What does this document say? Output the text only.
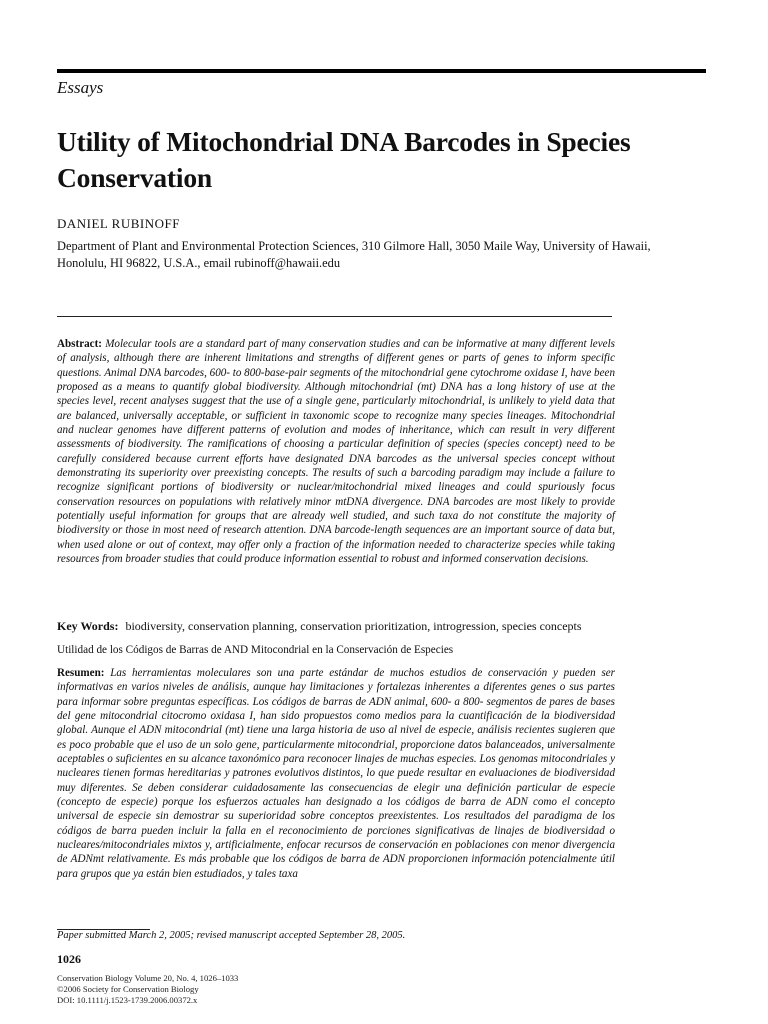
Essays
Utility of Mitochondrial DNA Barcodes in Species Conservation
DANIEL RUBINOFF
Department of Plant and Environmental Protection Sciences, 310 Gilmore Hall, 3050 Maile Way, University of Hawaii, Honolulu, HI 96822, U.S.A., email rubinoff@hawaii.edu
Abstract: Molecular tools are a standard part of many conservation studies and can be informative at many different levels of analysis, although there are inherent limitations and strengths of different genes or parts of genes to inform specific questions. Animal DNA barcodes, 600- to 800-base-pair segments of the mitochondrial gene cytochrome oxidase I, have been proposed as a means to quantify global biodiversity. Although mitochondrial (mt) DNA has a long history of use at the species level, recent analyses suggest that the use of a single gene, particularly mitochondrial, is unlikely to yield data that are balanced, universally acceptable, or sufficient in taxonomic scope to recognize many species lineages. Mitochondrial and nuclear genomes have different patterns of evolution and modes of inheritance, which can result in very different assessments of biodiversity. The ramifications of choosing a particular definition of species (species concept) need to be carefully considered because current efforts have designated DNA barcodes as the universal species concept without demonstrating its superiority over preexisting concepts. The results of such a barcoding paradigm may include a failure to recognize significant portions of biodiversity or nuclear/mitochondrial mixed lineages and could spuriously focus conservation resources on populations with relatively minor mtDNA divergence. DNA barcodes are most likely to provide potentially useful information for groups that are already well studied, and such taxa do not constitute the majority of biodiversity or those in most need of research attention. DNA barcode-length sequences are an important source of data but, when used alone or out of context, may offer only a fraction of the information needed to characterize species while taking resources from broader studies that could produce information essential to robust and informed conservation decisions.
Key Words: biodiversity, conservation planning, conservation prioritization, introgression, species concepts
Utilidad de los Códigos de Barras de AND Mitocondrial en la Conservación de Especies
Resumen: Las herramientas moleculares son una parte estándar de muchos estudios de conservación y pueden ser informativas en varios niveles de análisis, aunque hay limitaciones y fortalezas inherentes a diferentes genes o sus partes para informar sobre preguntas específicas. Los códigos de barras de ADN animal, 600- a 800- segmentos de pares de bases del gene mitocondrial citocromo oxidasa I, han sido propuestos como medios para la cuantificación de la biodiversidad global. Aunque el ADN mitocondrial (mt) tiene una larga historia de uso al nivel de especie, análisis recientes sugieren que es poco probable que el uso de un solo gene, particularmente mitocondrial, proporcione datos balanceados, universalmente aceptables o suficientes en su alcance taxonómico para reconocer linajes de muchas especies. Los genomas mitocondriales y nucleares tienen formas hereditarias y patrones evolutivos distintos, lo que puede resultar en evaluaciones de biodiversidad muy diferentes. Se deben considerar cuidadosamente las consecuencias de elegir una definición particular de especie (concepto de especie) porque los esfuerzos actuales han designado a los códigos de barra de ADN como el concepto universal de especie sin demostrar su superioridad sobre conceptos preexistentes. Los resultados del paradigma de los códigos de barra pueden incluir la falla en el reconocimiento de porciones significativas de linajes de biodiversidad o nucleares/mitocondriales mixtos y, artificialmente, enfocar recursos de conservación en poblaciones con menor divergencia de ADNmt relativamente. Es más probable que los códigos de barra de ADN proporcionen información potencialmente útil para grupos que ya están bien estudiados, y tales taxa
Paper submitted March 2, 2005; revised manuscript accepted September 28, 2005.
1026
Conservation Biology Volume 20, No. 4, 1026–1033
©2006 Society for Conservation Biology
DOI: 10.1111/j.1523-1739.2006.00372.x
